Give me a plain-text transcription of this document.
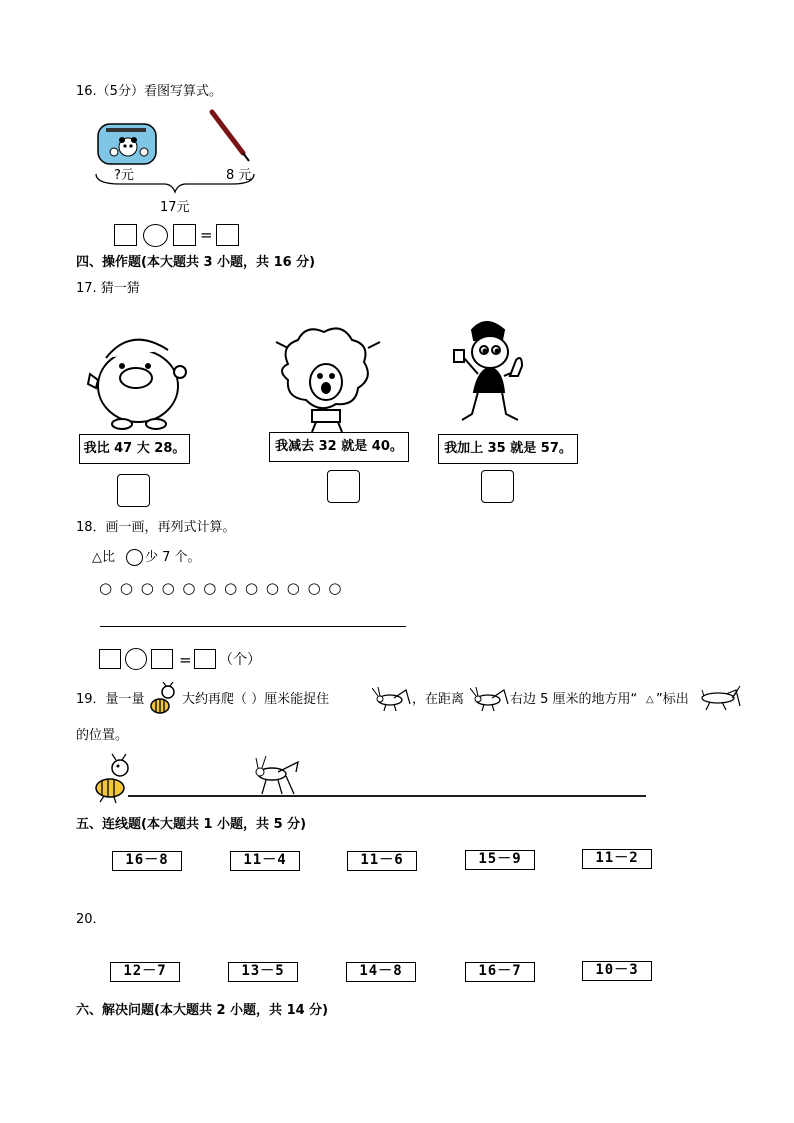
16.（5分）看图写算式。
?元	8 元
17元
=
四、操作题(本大题共 3 小题，共 16 分)
17. 猜一猜
我比 47 大 28。	我减去 32 就是 40。	我加上 35 就是 57。
18．画一画，再列式计算。
△比 少 7 个。
○ ○ ○ ○ ○ ○ ○ ○ ○ ○ ○ ○
= （个）
19．量一量	大约再爬（ ）厘米能捉住	，在距离	右边 5 厘米的地方用“ △ ”标出
的位置。
五、连线题(本大题共 1 小题，共 5 分)
16－8	11－4	11－6	15－9	11－2
20．
12－7	13－5	14－8	16－7	10－3
六、解决问题(本大题共 2 小题，共 14 分)
